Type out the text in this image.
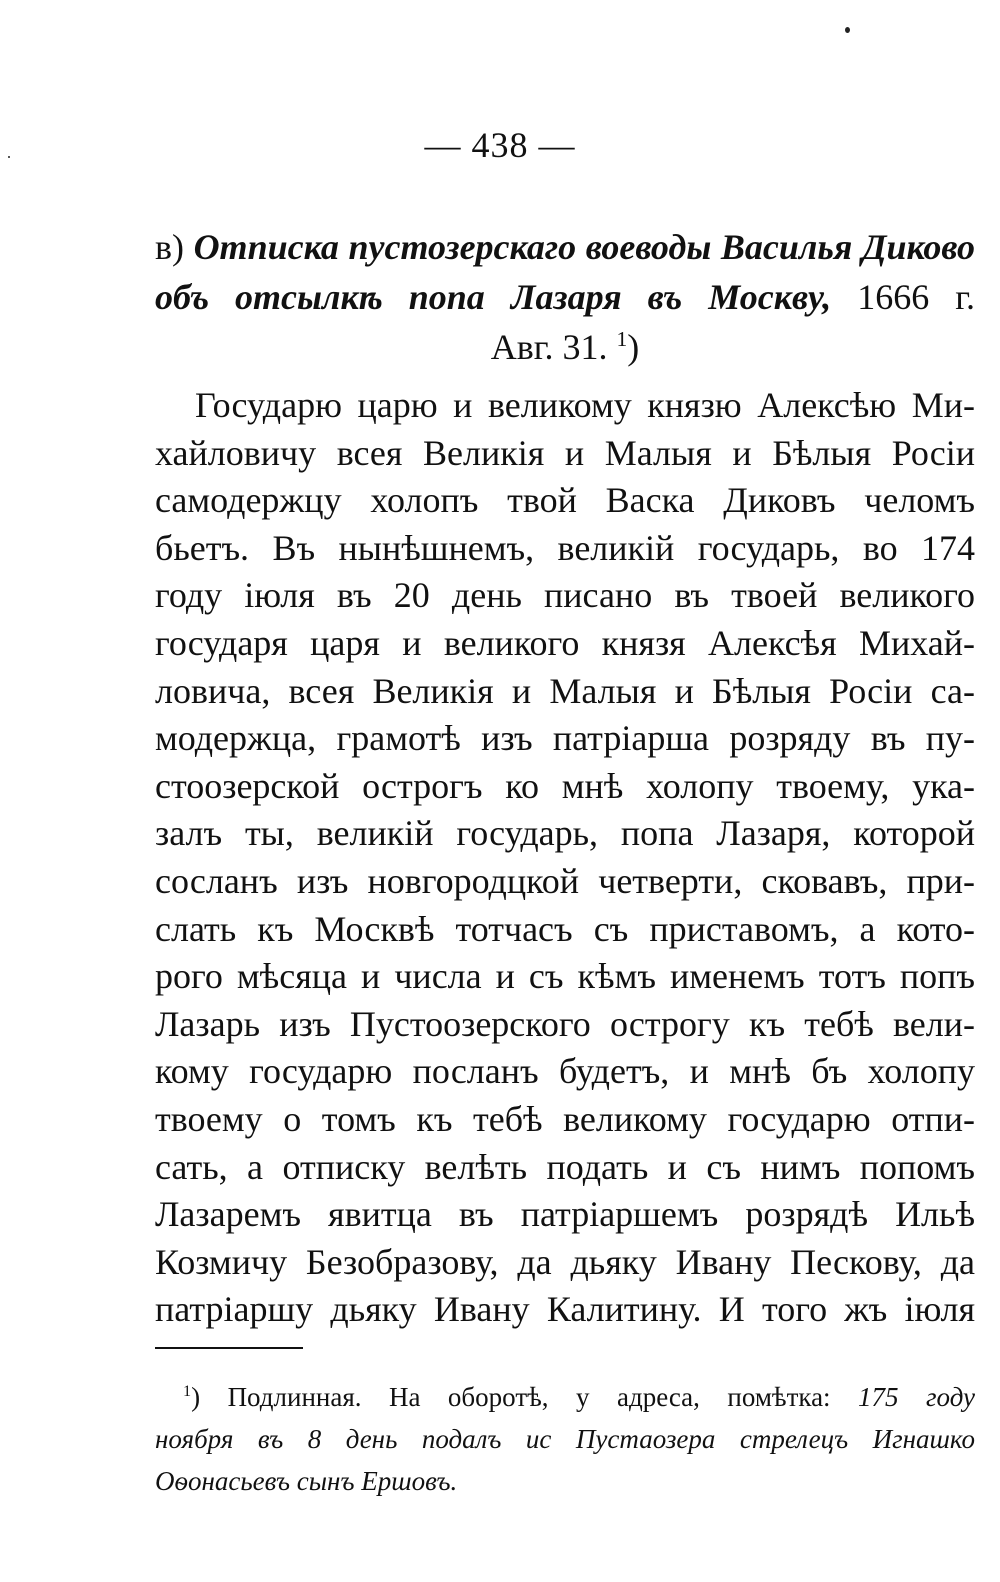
— 438 —
в) Отписка пустозерскаго воеводы Василья Диково
объ отсылкѣ попа Лазаря въ Москву, 1666 г.
Авг. 31. $^1$)
Государю царю и великому князю Алексѣю Ми-
хайловичу всея Великія и Малыя и Бѣлыя Росіи
самодержцу холопъ твой Васка Диковъ челомъ
бьетъ. Въ нынѣшнемъ, великій государь, во 174
году іюля въ 20 день писано въ твоей великого
государя царя и великого князя Алексѣя Михай-
ловича, всея Великія и Малыя и Бѣлыя Росіи са-
модержца, грамотѣ изъ патріарша розряду въ пу-
стоозерской острогъ ко мнѣ холопу твоему, ука-
залъ ты, великій государь, попа Лазаря, которой
сосланъ изъ новгородцкой четверти, сковавъ, при-
слать къ Москвѣ тотчасъ съ приставомъ, а кото-
рого мѣсяца и числа и съ кѣмъ именемъ тотъ попъ
Лазарь изъ Пустоозерского острогу къ тебѣ вели-
кому государю посланъ будетъ, и мнѣ бъ холопу
твоему о томъ къ тебѣ великому государю отпи-
сать, а отписку велѣть подать и съ нимъ попомъ
Лазаремъ явитца въ патріаршемъ розрядѣ Ильѣ
Козмичу Безобразову, да дьяку Ивану Пескову, да
патріаршу дьяку Ивану Калитину. И того жъ іюля
$^1$) Подлинная. На оборотѣ, у адреса, помѣтка: 175 году
ноября въ 8 день подалъ ис Пустаозера стрелецъ Игнашко
Оѳонасьевъ сынъ Ершовъ.
